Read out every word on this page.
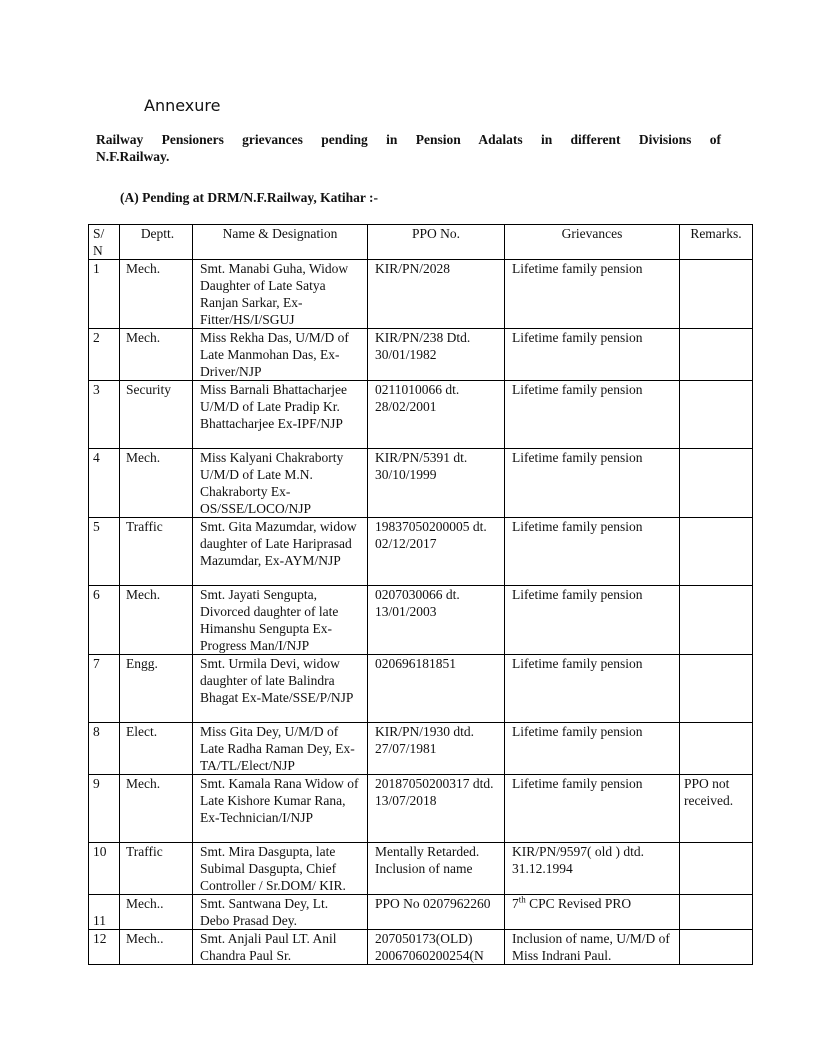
Annexure
Railway Pensioners grievances pending in Pension Adalats in different Divisions of
N.F.Railway.
(A) Pending at DRM/N.F.Railway, Katihar :-
S/ N	Deptt.	Name & Designation	PPO No.	Grievances	Remarks.
1	Mech.	Smt. Manabi Guha, Widow Daughter of Late Satya Ranjan Sarkar, Ex-Fitter/HS/I/SGUJ	KIR/PN/2028	Lifetime family pension	
2	Mech.	Miss Rekha Das, U/M/D of Late Manmohan Das, Ex-Driver/NJP	KIR/PN/238 Dtd. 30/01/1982	Lifetime family pension	
3	Security	Miss Barnali Bhattacharjee U/M/D of Late Pradip Kr. Bhattacharjee Ex-IPF/NJP	0211010066 dt. 28/02/2001	Lifetime family pension	
4	Mech.	Miss Kalyani Chakraborty U/M/D of Late M.N. Chakraborty Ex-OS/SSE/LOCO/NJP	KIR/PN/5391 dt. 30/10/1999	Lifetime family pension	
5	Traffic	Smt. Gita Mazumdar, widow daughter of Late Hariprasad Mazumdar, Ex-AYM/NJP	19837050200005 dt. 02/12/2017	Lifetime family pension	
6	Mech.	Smt. Jayati Sengupta, Divorced daughter of late Himanshu Sengupta Ex-Progress Man/I/NJP	0207030066 dt. 13/01/2003	Lifetime family pension	
7	Engg.	Smt. Urmila Devi, widow daughter of late Balindra Bhagat Ex-Mate/SSE/P/NJP	020696181851	Lifetime family pension	
8	Elect.	Miss Gita Dey, U/M/D of Late Radha Raman Dey, Ex-TA/TL/Elect/NJP	KIR/PN/1930 dtd. 27/07/1981	Lifetime family pension	
9	Mech.	Smt. Kamala Rana Widow of Late Kishore Kumar Rana, Ex-Technician/I/NJP	20187050200317 dtd. 13/07/2018	Lifetime family pension	PPO not received.
10	Traffic	Smt. Mira Dasgupta, late Subimal Dasgupta, Chief Controller / Sr.DOM/ KIR.	Mentally Retarded. Inclusion of name	KIR/PN/9597( old ) dtd. 31.12.1994	
11	Mech..	Smt. Santwana Dey, Lt. Debo Prasad Dey.	PPO No 0207962260	7th CPC Revised PRO	
12	Mech..	Smt. Anjali Paul LT. Anil Chandra Paul Sr.	207050173(OLD) 20067060200254(N	Inclusion of name, U/M/D of Miss Indrani Paul.	
